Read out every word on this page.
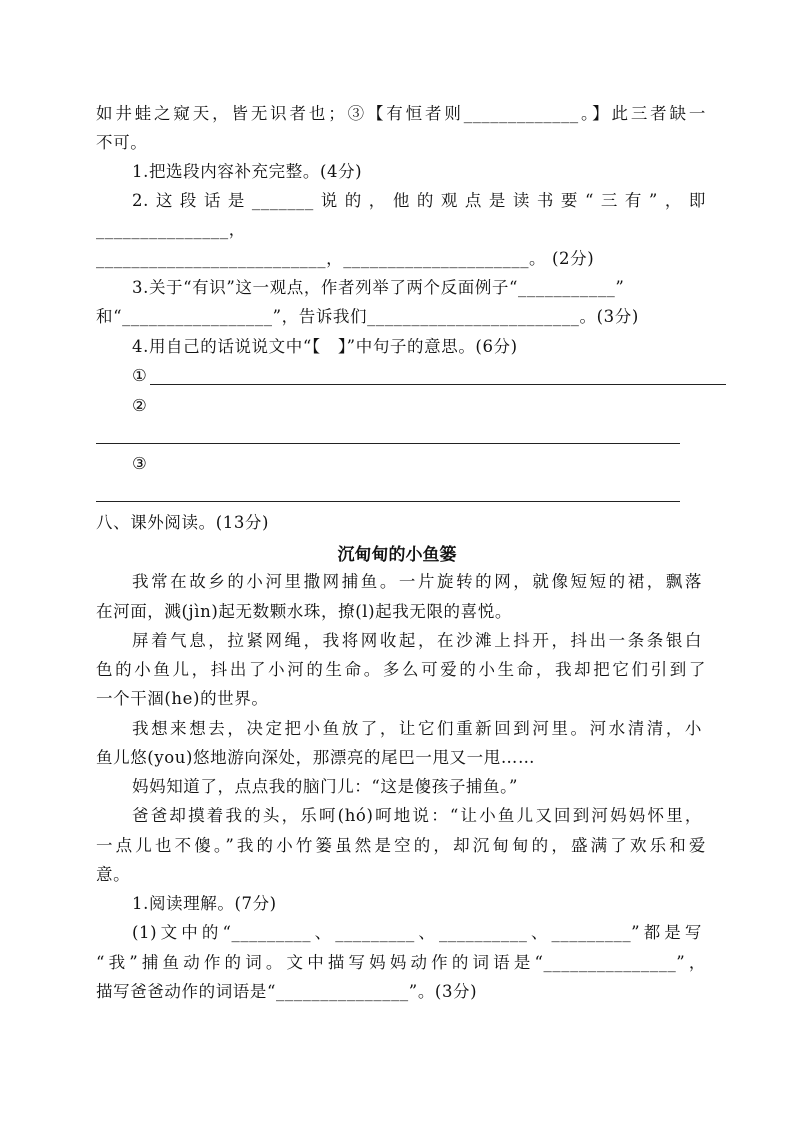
如井蛙之窥天，皆无识者也；③【有恒者则_____________。】此三者缺一
不可。
1.把选段内容补充完整。(4分)
2.这段话是_______说的，他的观点是读书要“三有”，即
_______________，
__________________________，_____________________。 (2分)
3.关于“有识”这一观点，作者列举了两个反面例子“___________”
和“_________________”，告诉我们________________________。(3分)
4.用自己的话说说文中“【　】”中句子的意思。(6分)
①
②
③
八、课外阅读。(13分)
沉甸甸的小鱼篓
我常在故乡的小河里撒网捕鱼。一片旋转的网，就像短短的裙，飘落
在河面，溅(jìn)起无数颗水珠，撩(l)起我无限的喜悦。
屏着气息，拉紧网绳，我将网收起，在沙滩上抖开，抖出一条条银白
色的小鱼儿，抖出了小河的生命。多么可爱的小生命，我却把它们引到了
一个干涸(he)的世界。
我想来想去，决定把小鱼放了，让它们重新回到河里。河水清清，小
鱼儿悠(you)悠地游向深处，那漂亮的尾巴一甩又一甩……
妈妈知道了，点点我的脑门儿：“这是傻孩子捕鱼。”
爸爸却摸着我的头，乐呵(hó)呵地说：“让小鱼儿又回到河妈妈怀里，
一点儿也不傻。”我的小竹篓虽然是空的，却沉甸甸的，盛满了欢乐和爱
意。
1.阅读理解。(7分)
(1)文中的“_________、_________、__________、_________”都是写
“我”捕鱼动作的词。文中描写妈妈动作的词语是“_______________”，
描写爸爸动作的词语是“_______________”。(3分)
